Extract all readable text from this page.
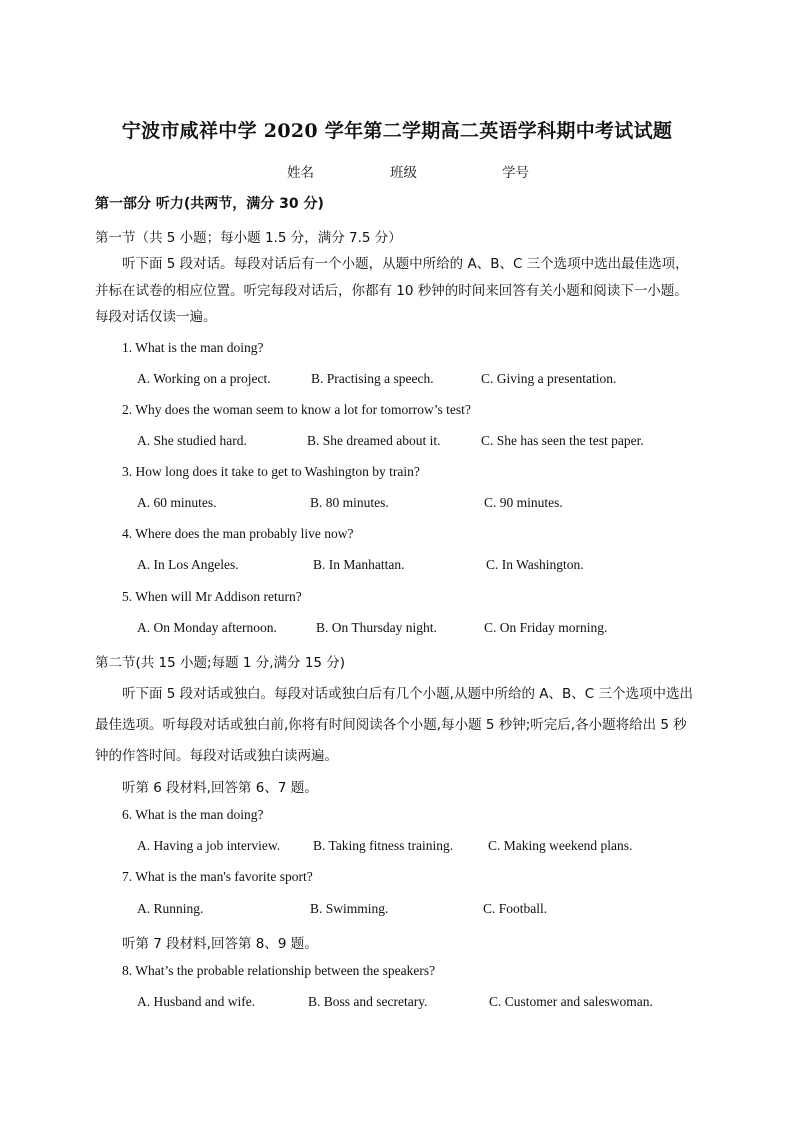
宁波市咸祥中学 2020 学年第二学期高二英语学科期中考试试题
姓名	班级	学号
第一部分 听力(共两节，满分 30 分)
第一节（共 5 小题；每小题 1.5 分，满分 7.5 分）
听下面 5 段对话。每段对话后有一个小题，从题中所给的 A、B、C 三个选项中选出最佳选项，
并标在试卷的相应位置。听完每段对话后，你都有 10 秒钟的时间来回答有关小题和阅读下一小题。
每段对话仅读一遍。
1. What is the man doing?
A. Working on a project.	B. Practising a speech.	C. Giving a presentation.
2. Why does the woman seem to know a lot for tomorrow’s test?
A. She studied hard.	B. She dreamed about it.	C. She has seen the test paper.
3. How long does it take to get to Washington by train?
A. 60 minutes.	B. 80 minutes.	C. 90 minutes.
4. Where does the man probably live now?
A. In Los Angeles.	B. In Manhattan.	C. In Washington.
5. When will Mr Addison return?
A. On Monday afternoon.	B. On Thursday night.	C. On Friday morning.
第二节(共 15 小题;每题 1 分,满分 15 分)
听下面 5 段对话或独白。每段对话或独白后有几个小题,从题中所给的 A、B、C 三个选项中选出
最佳选项。听每段对话或独白前,你将有时间阅读各个小题,每小题 5 秒钟;听完后,各小题将给出 5 秒
钟的作答时间。每段对话或独白读两遍。
听第 6 段材料,回答第 6、7 题。
6. What is the man doing?
A. Having a job interview. B. Taking fitness training.	C. Making weekend plans.
7. What is the man's favorite sport?
A. Running.	B. Swimming.	C. Football.
听第 7 段材料,回答第 8、9 题。
8. What’s the probable relationship between the speakers?
A. Husband and wife.	B. Boss and secretary.	C. Customer and saleswoman.
